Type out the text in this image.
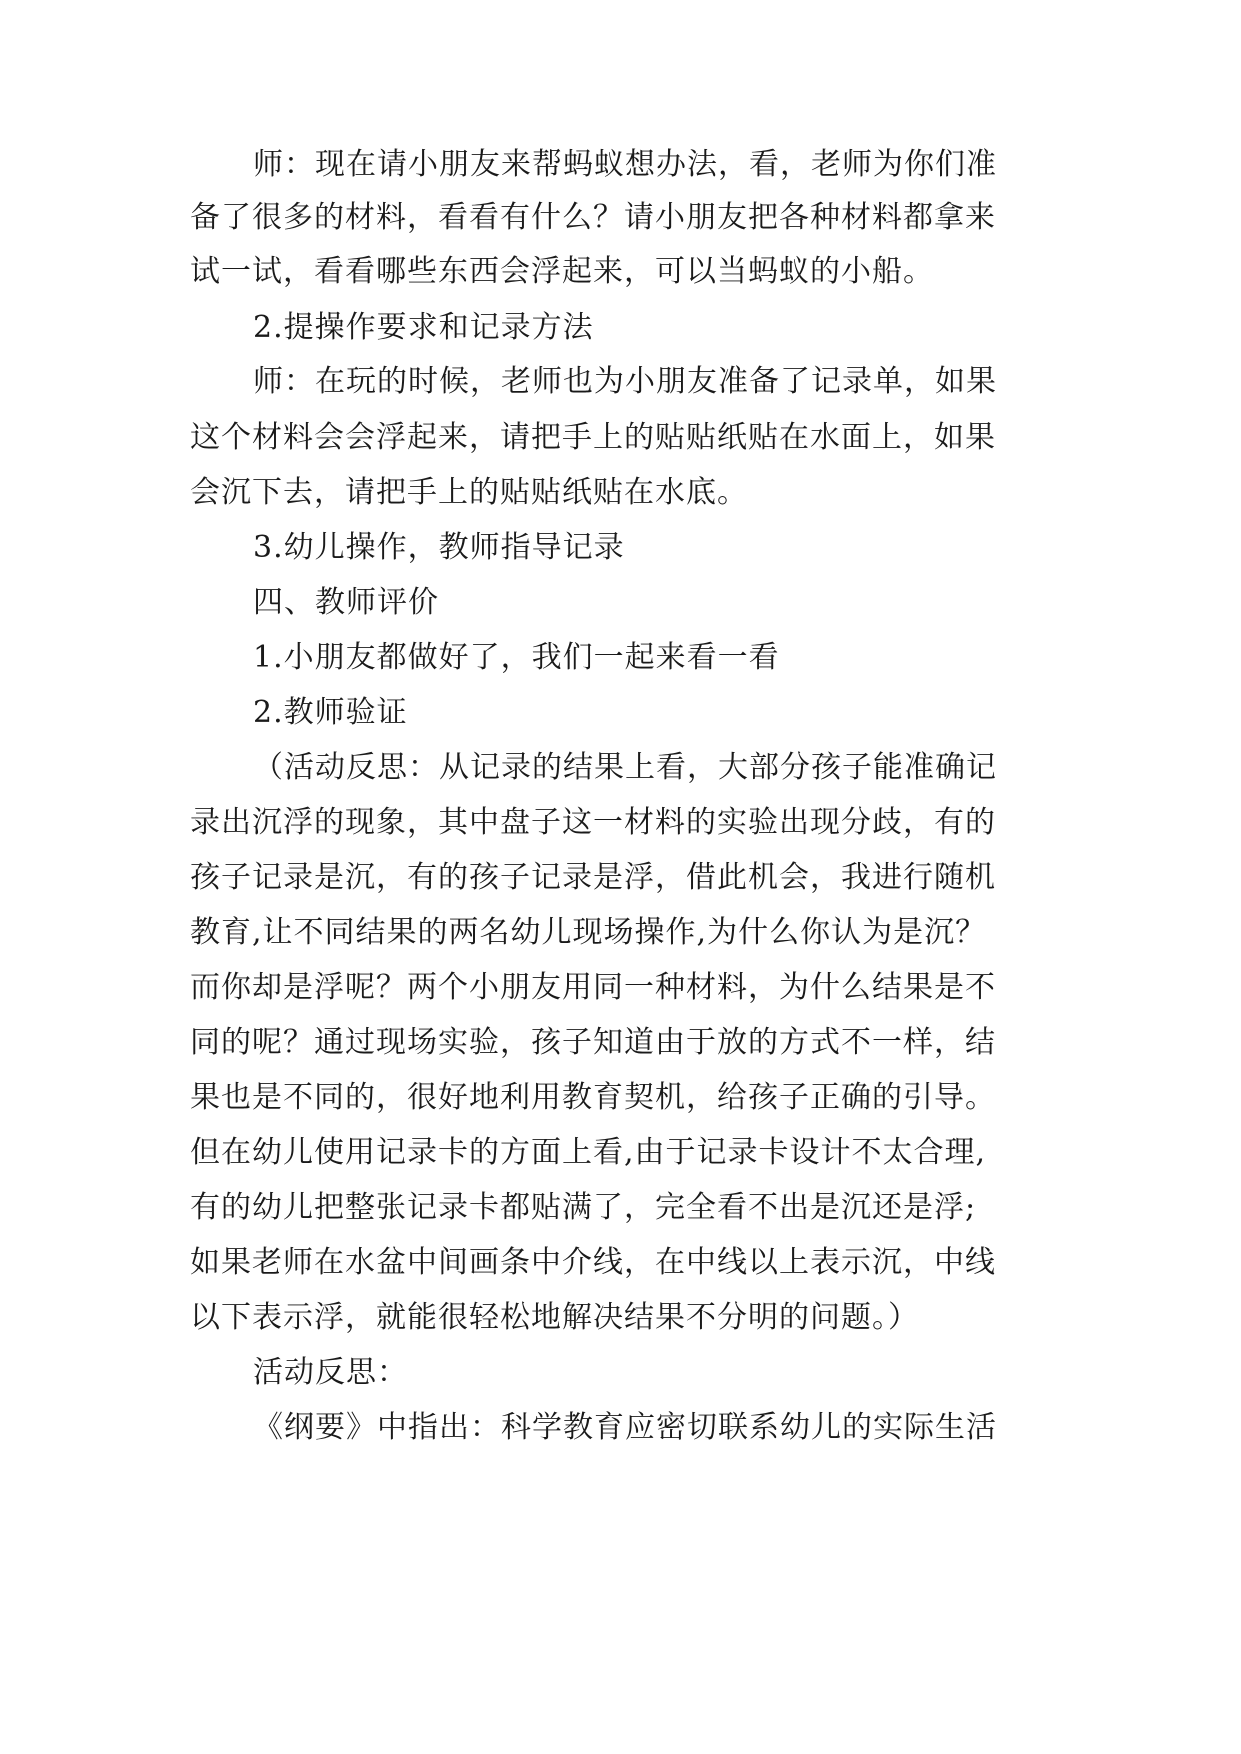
师：现在请小朋友来帮蚂蚁想办法，看，老师为你们准

备了很多的材料，看看有什么？请小朋友把各种材料都拿来

试一试，看看哪些东西会浮起来，可以当蚂蚁的小船。

2.提操作要求和记录方法

师：在玩的时候，老师也为小朋友准备了记录单，如果

这个材料会会浮起来，请把手上的贴贴纸贴在水面上，如果

会沉下去，请把手上的贴贴纸贴在水底。

3.幼儿操作，教师指导记录

四、教师评价

1.小朋友都做好了，我们一起来看一看

2.教师验证

（活动反思：从记录的结果上看，大部分孩子能准确记

录出沉浮的现象，其中盘子这一材料的实验出现分歧，有的

孩子记录是沉，有的孩子记录是浮，借此机会，我进行随机

教育,让不同结果的两名幼儿现场操作,为什么你认为是沉？

而你却是浮呢？两个小朋友用同一种材料，为什么结果是不

同的呢？通过现场实验，孩子知道由于放的方式不一样，结

果也是不同的，很好地利用教育契机，给孩子正确的引导。

但在幼儿使用记录卡的方面上看,由于记录卡设计不太合理,

有的幼儿把整张记录卡都贴满了，完全看不出是沉还是浮;

如果老师在水盆中间画条中介线，在中线以上表示沉，中线

以下表示浮，就能很轻松地解决结果不分明的问题。）

活动反思：

《纲要》中指出：科学教育应密切联系幼儿的实际生活
